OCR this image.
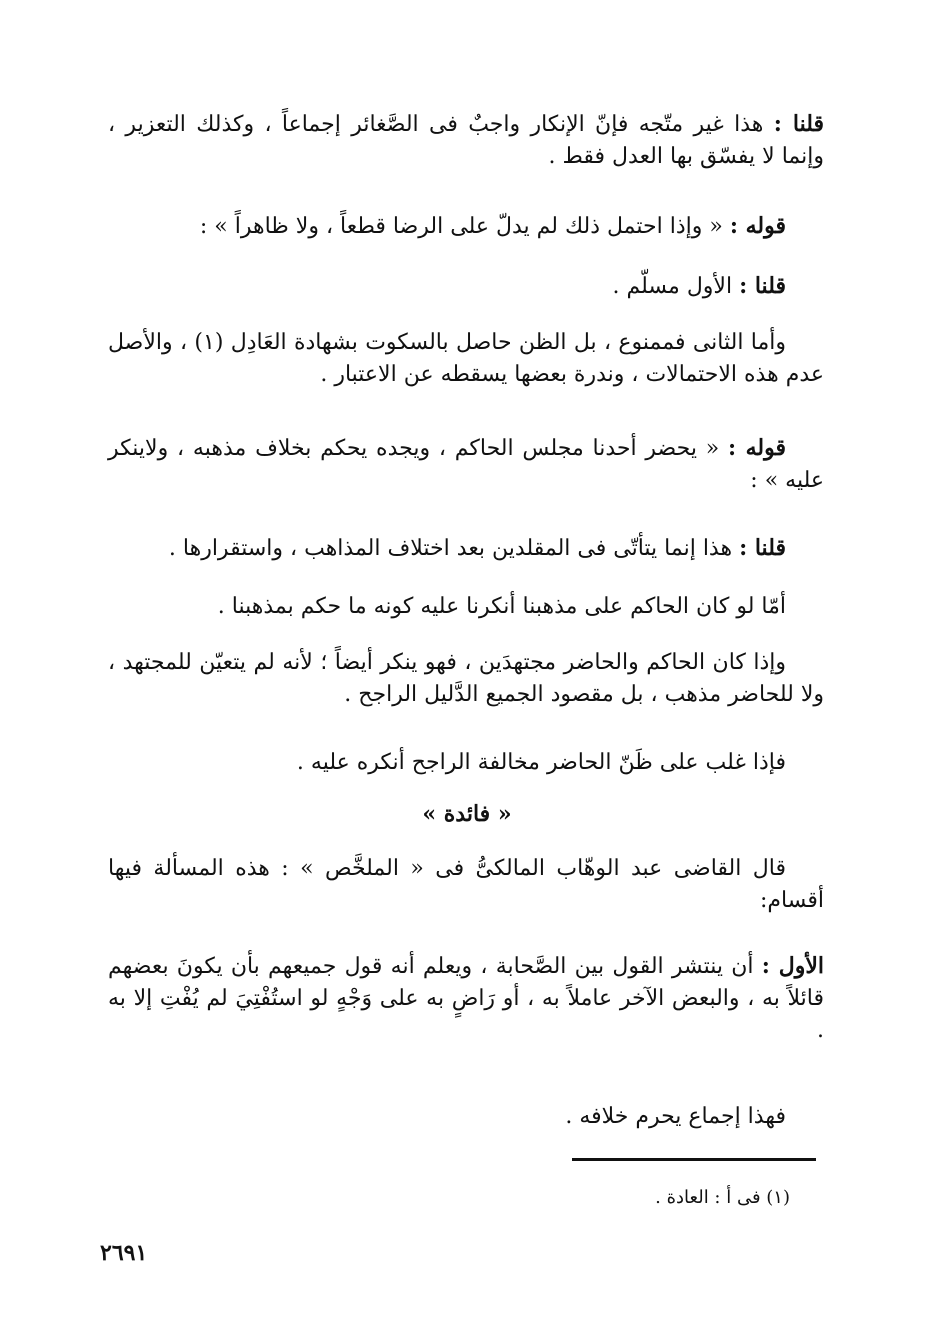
قلنا : هذا غير متّجه فإنّ الإنكار واجبٌ فى الصَّغائر إجماعاً ، وكذلك التعزير ، وإنما لا يفسّق بها العدل فقط .
قوله : « وإذا احتمل ذلك لم يدلّ على الرضا قطعاً ، ولا ظاهراً » :
قلنا : الأول مسلّم .
وأما الثانى فممنوع ، بل الظن حاصل بالسكوت بشهادة العَادِل (١) ، والأصل عدم هذه الاحتمالات ، وندرة بعضها يسقطه عن الاعتبار .
قوله : « يحضر أحدنا مجلس الحاكم ، ويجده يحكم بخلاف مذهبه ، ولاينكر عليه » :
قلنا : هذا إنما يتأتّى فى المقلدين بعد اختلاف المذاهب ، واستقرارها .
أمّا لو كان الحاكم على مذهبنا أنكرنا عليه كونه ما حكم بمذهبنا .
وإذا كان الحاكم والحاضر مجتهدَين ، فهو ينكر أيضاً ؛ لأنه لم يتعيّن للمجتهد ، ولا للحاضر مذهب ، بل مقصود الجميع الدَّليل الراجح .
فإذا غلب على ظَنّ الحاضر مخالفة الراجح أنكره عليه .
« فائدة »
قال القاضى عبد الوهّاب المالكىُّ فى « الملخَّص » : هذه المسألة فيها أقسام:
الأول : أن ينتشر القول بين الصَّحابة ، ويعلم أنه قول جميعهم بأن يكونَ بعضهم قائلاً به ، والبعض الآخر عاملاً به ، أو رَاضٍ به على وَجْهٍ لو استُفْتِيَ لم يُفْتِ إلا به .
فهذا إجماع يحرم خلافه .
(١) فى أ : العادة .
٢٦٩١
